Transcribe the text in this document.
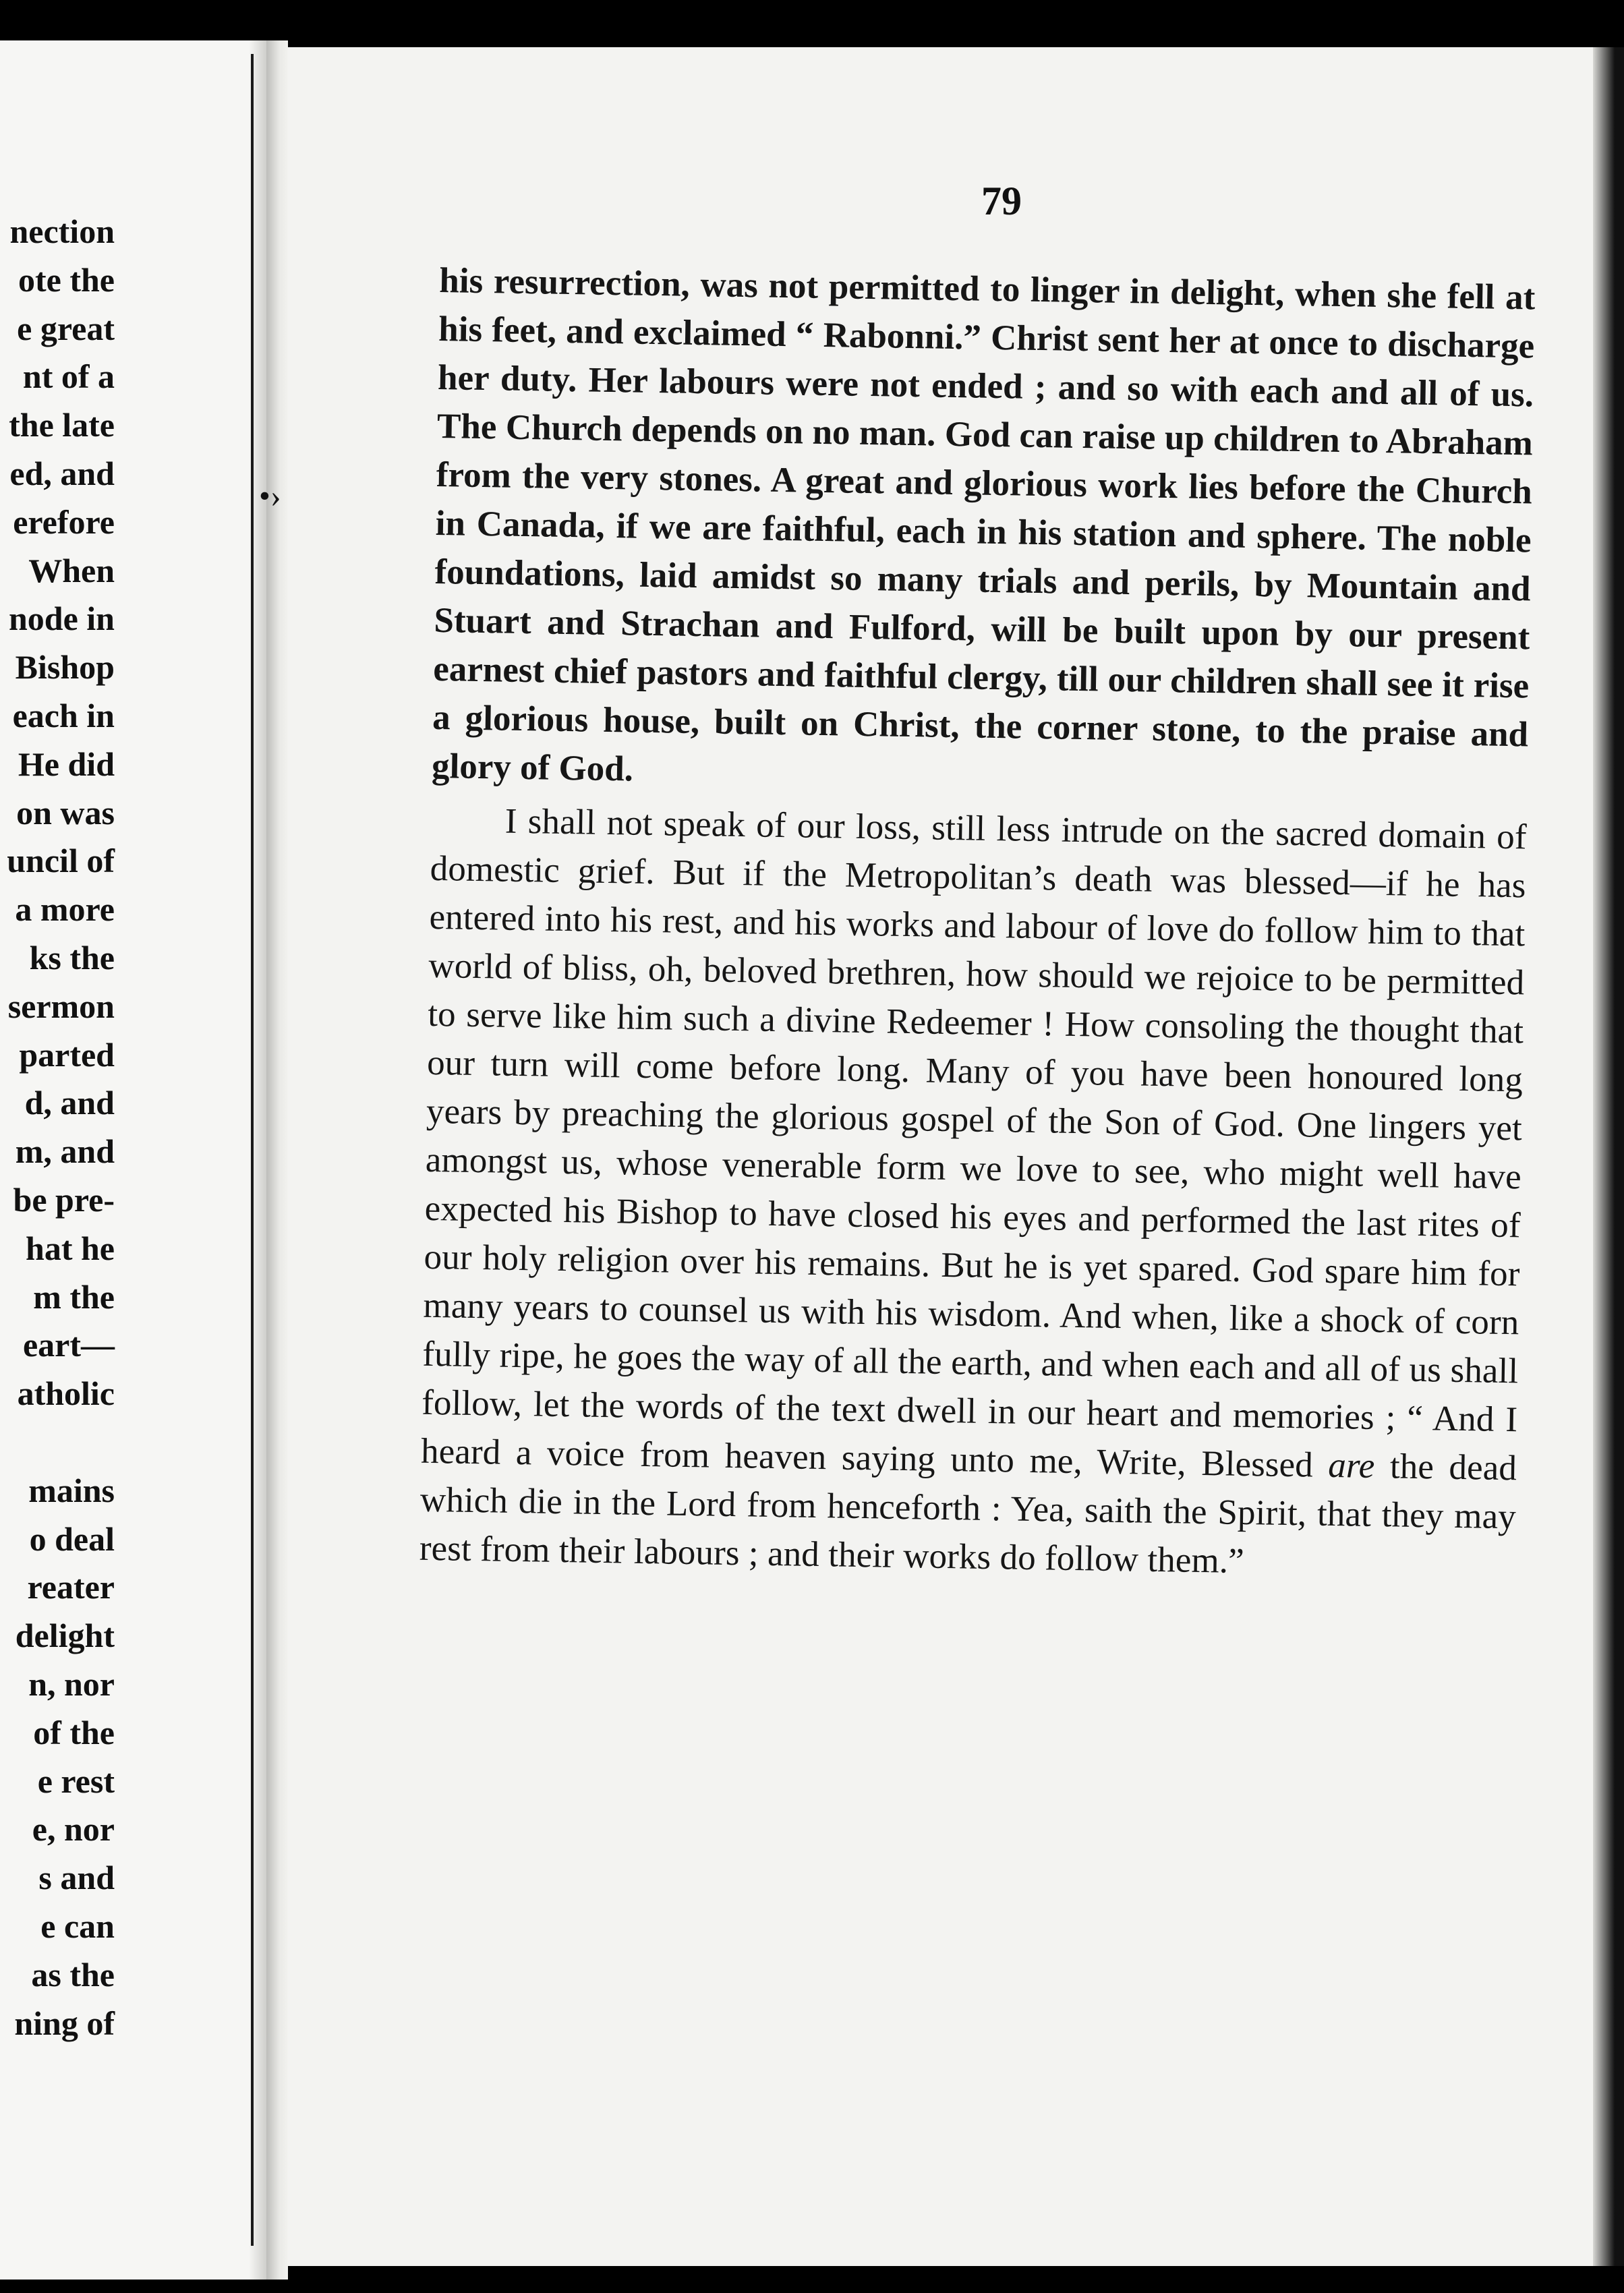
nection
ote the
e great
nt of a
the late
ed, and
erefore
When
node in
Bishop
each in
He did
on was
uncil of
a more
ks the
sermon
parted
d, and
m, and
be pre-
hat he
m the
eart—
atholic
mains
o deal
reater
delight
n, nor
of the
e rest
e, nor
s and
e can
as the
ning of
•›
79

his resurrection, was not permitted to linger in delight, when she fell at his feet, and exclaimed “ Rabonni.” Christ sent her at once to discharge her duty. Her labours were not ended ; and so with each and all of us. The Church depends on no man. God can raise up children to Abraham from the very stones. A great and glorious work lies before the Church in Canada, if we are faithful, each in his station and sphere. The noble foundations, laid amidst so many trials and perils, by Mountain and Stuart and Strachan and Fulford, will be built upon by our present earnest chief pastors and faithful clergy, till our children shall see it rise a glorious house, built on Christ, the corner stone, to the praise and glory of God.

I shall not speak of our loss, still less intrude on the sacred domain of domestic grief. But if the Metropolitan’s death was blessed—if he has entered into his rest, and his works and labour of love do follow him to that world of bliss, oh, beloved brethren, how should we rejoice to be permitted to serve like him such a divine Redeemer ! How consoling the thought that our turn will come before long. Many of you have been honoured long years by preaching the glorious gospel of the Son of God. One lingers yet amongst us, whose venerable form we love to see, who might well have expected his Bishop to have closed his eyes and performed the last rites of our holy religion over his remains. But he is yet spared. God spare him for many years to counsel us with his wisdom. And when, like a shock of corn fully ripe, he goes the way of all the earth, and when each and all of us shall follow, let the words of the text dwell in our heart and memories ; “ And I heard a voice from heaven saying unto me, Write, Blessed are the dead which die in the Lord from henceforth : Yea, saith the Spirit, that they may rest from their labours ; and their works do follow them.”
